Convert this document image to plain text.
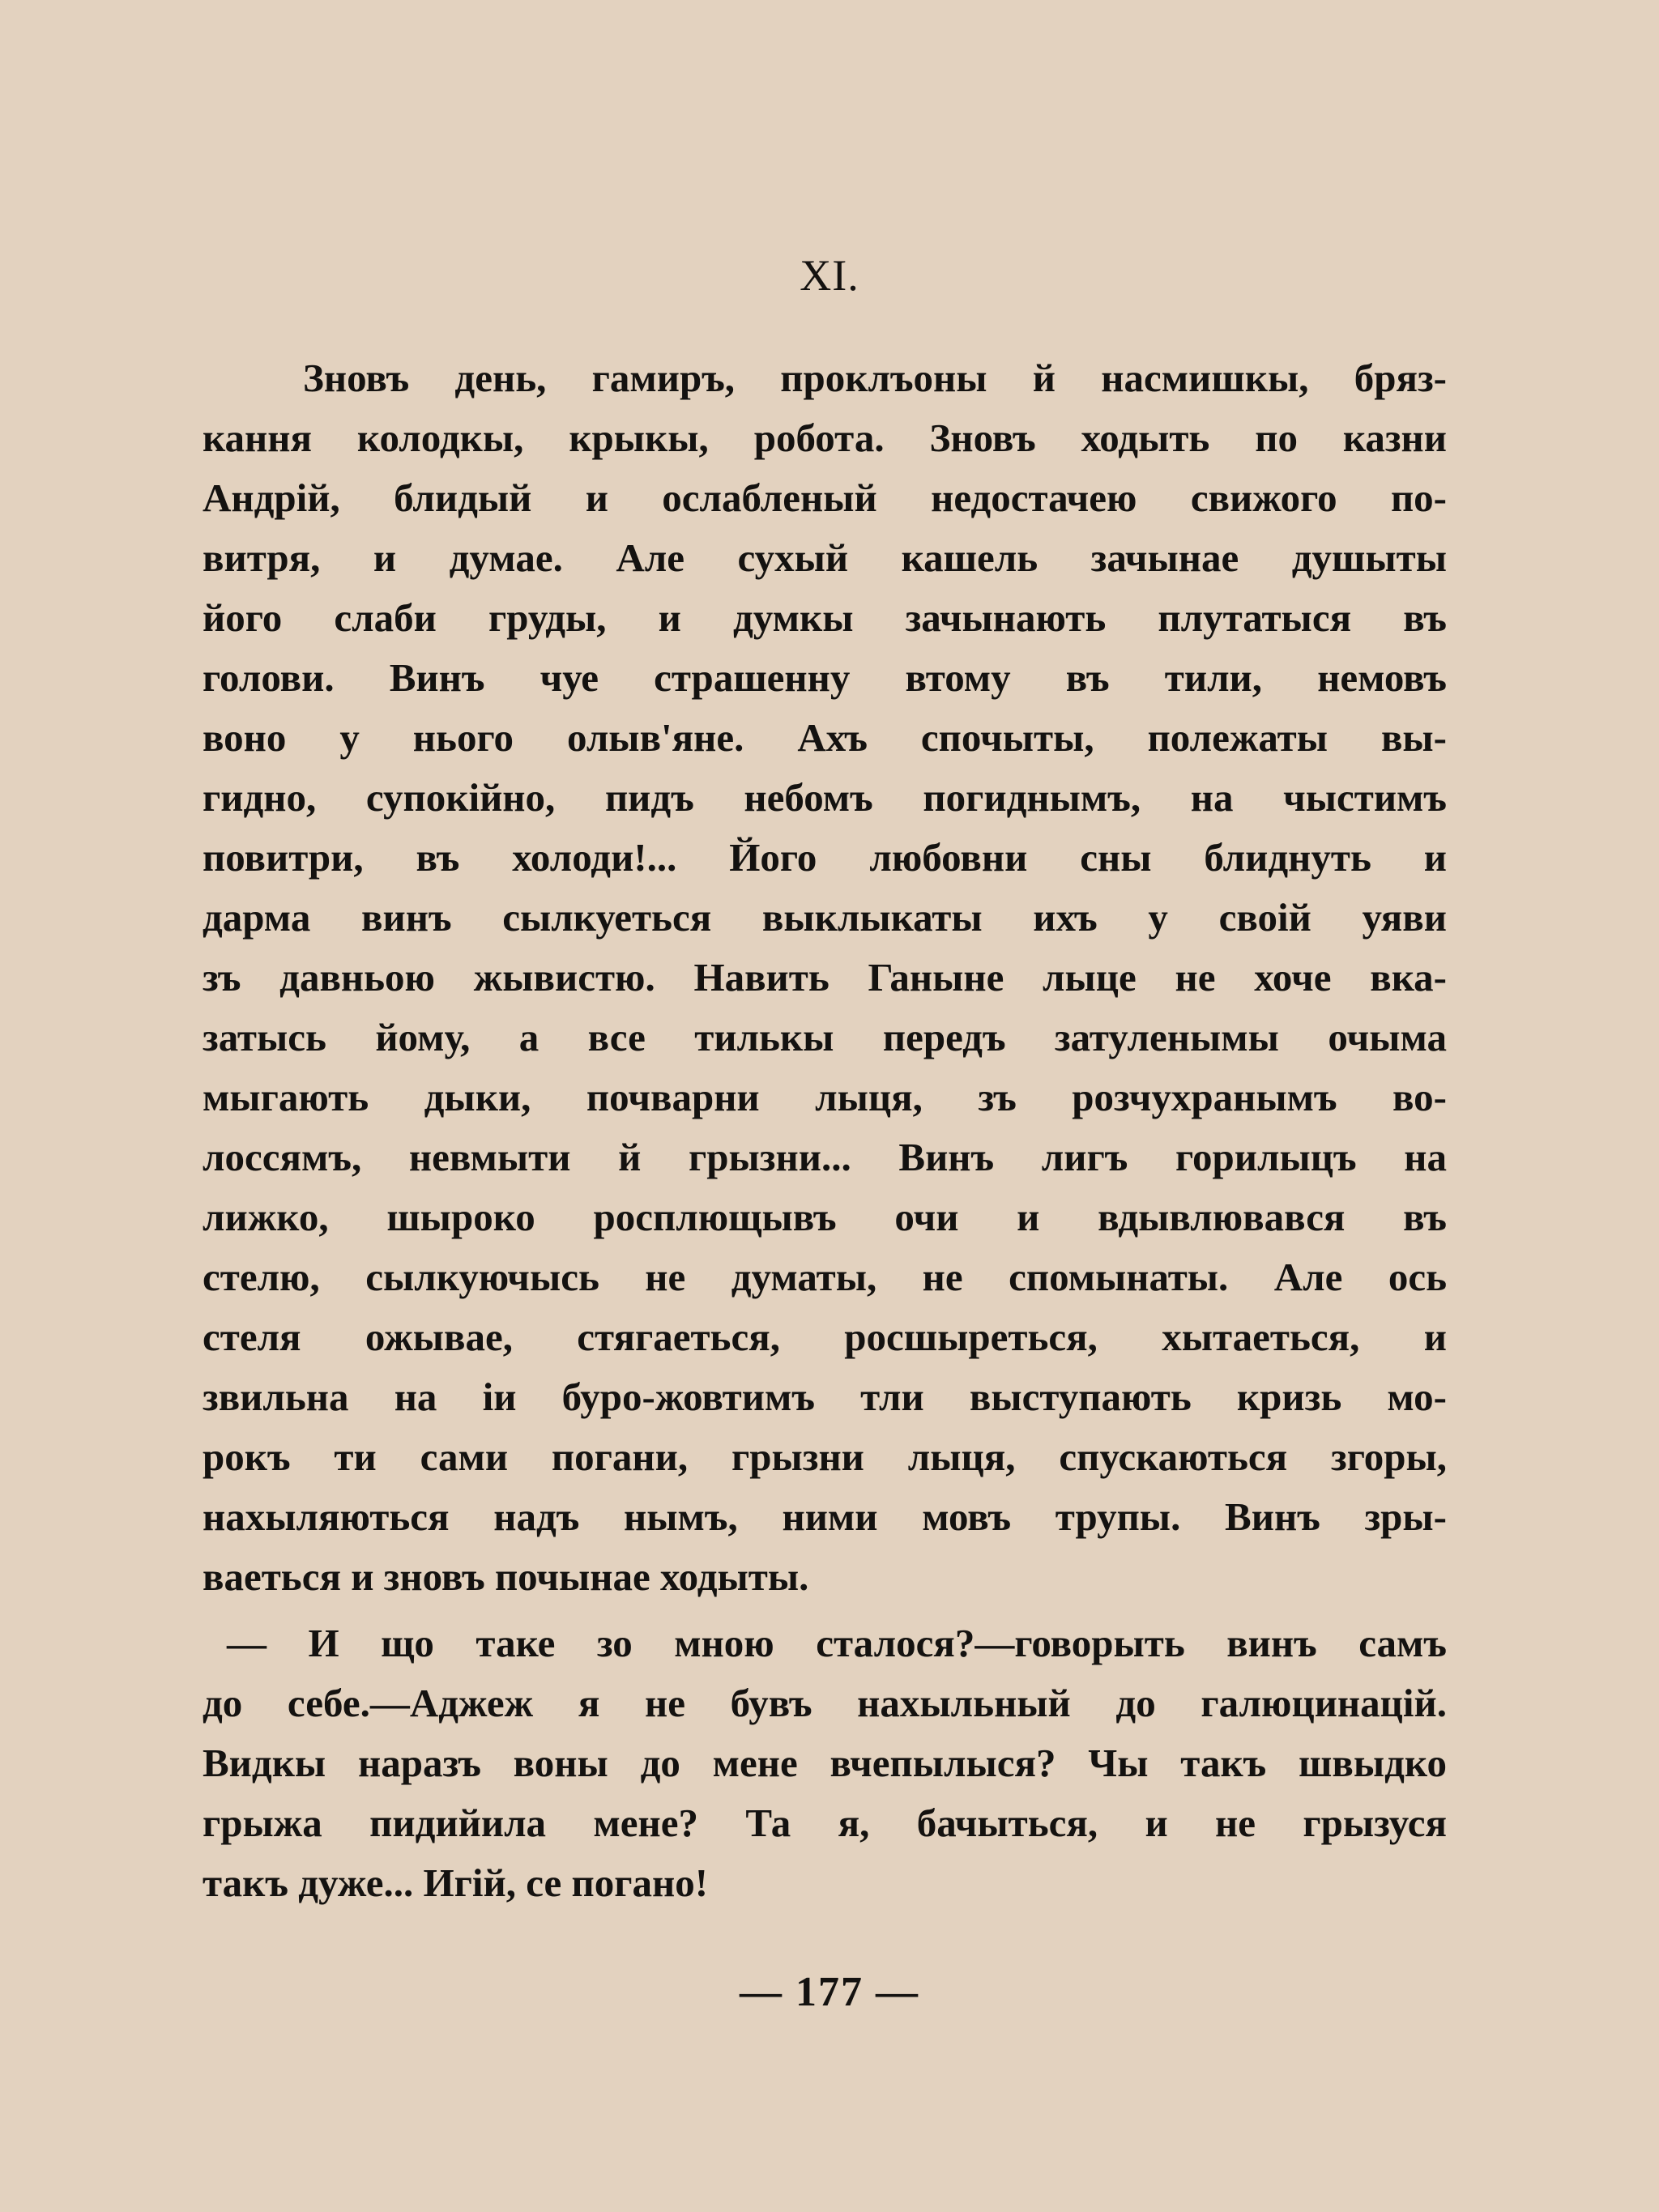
XI.
Зновъ день, гамиръ, проклъоны й насмишкы, бряз-
кання колодкы, крыкы, робота. Зновъ ходыть по казни
Андрій, блидый и ослабленый недостачею свижого по-
витря, и думае. Але сухый кашель зачынае душыты
його слаби груды, и думкы зачынають плутатыся въ
голови. Винъ чуе страшенну втому въ тили, немовъ
воно у нього олыв'яне. Ахъ спочыты, полежаты вы-
гидно, супокійно, пидъ небомъ погиднымъ, на чыстимъ
повитри, въ холоди!... Його любовни сны блиднуть и
дарма винъ сылкуеться выклыкаты ихъ у своій уяви
зъ давньою жывистю. Навить Ганыне лыце не хоче вка-
затысь йому, а все тилькы передъ затуленымы очыма
мыгають дыки, почварни лыця, зъ розчухранымъ во-
лоссямъ, невмыти й грызни... Винъ лигъ горилыцъ на
лижко, шыроко росплющывъ очи и вдывлювався въ
стелю, сылкуючысь не думаты, не спомынаты. Але ось
стеля ожывае, стягаеться, росшыреться, хытаеться, и
звильна на іи буро-жовтимъ тли выступають кризь мо-
рокъ ти сами погани, грызни лыця, спускаються згоры,
нахыляються надъ нымъ, ними мовъ трупы. Винъ зры-
ваеться и зновъ почынае ходыты.
— И що таке зо мною сталося?—говорыть винъ самъ
до себе.—Аджеж я не бувъ нахыльный до галюцинацій.
Видкы наразъ воны до мене вчепылыся? Чы такъ швыдко
грыжа пидийила мене? Та я, бачыться, и не грызуся
такъ дуже... Игій, се погано!
— 177 —
